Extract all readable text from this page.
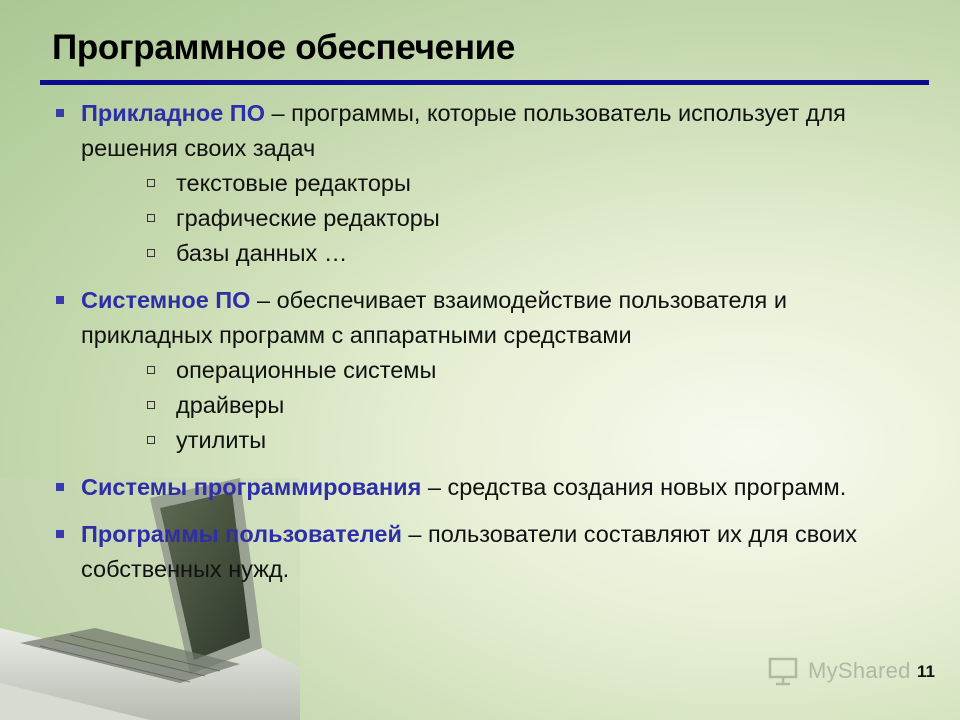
Программное обеспечение
Прикладное ПО – программы, которые пользователь использует для решения своих задач
текстовые редакторы
графические редакторы
базы данных …
Системное ПО – обеспечивает взаимодействие пользователя и прикладных программ с аппаратными средствами
операционные системы
драйверы
утилиты
Системы программирования – средства создания новых программ.
Программы пользователей – пользователи составляют их для своих собственных нужд.
MyShared 11
